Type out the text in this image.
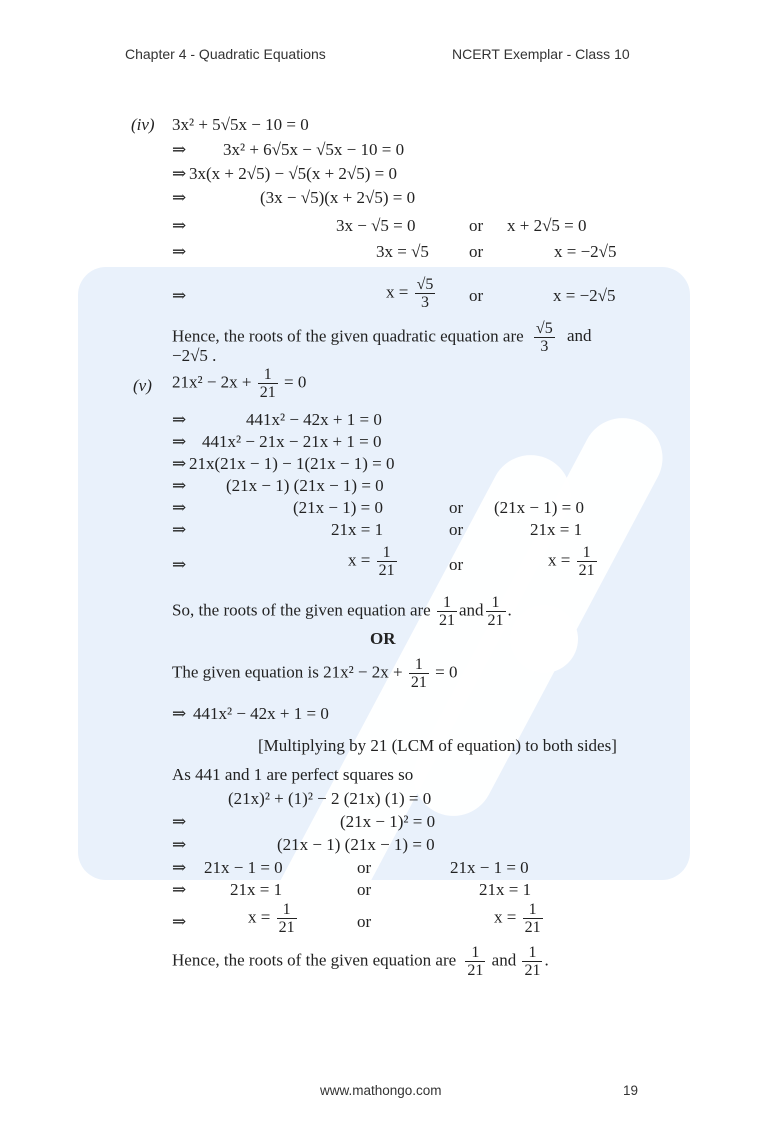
Chapter 4 - Quadratic Equations	NCERT Exemplar - Class 10
(iv) 3x² + 5√5x − 10 = 0
⇒ 3x² + 6√5x − √5x − 10 = 0
⇒ 3x(x + 2√5) − √5(x + 2√5) = 0
⇒	(3x − √5)(x + 2√5) = 0
⇒	3x − √5 = 0	or x + 2√5 = 0
⇒	3x = √5 or	x = −2√5
⇒	$x = \frac{√5}{3}$ or	x = −2√5
Hence, the roots of the given quadratic equation are $\frac{√5}{3}$ and
−2√5 .
(v) $21x^2 - 2x + \frac{1}{21} = 0$
⇒	441x² − 42x + 1 = 0
⇒ 441x² − 21x − 21x + 1 = 0
⇒ 21x(21x − 1) − 1(21x − 1) = 0
⇒ (21x − 1) (21x − 1) = 0
⇒	(21x − 1) = 0	or (21x − 1) = 0
⇒	21x = 1	or	21x = 1
⇒	$x = \frac{1}{21}$	or	$x = \frac{1}{21}$
So, the roots of the given equation are $\frac{1}{21}$ and $\frac{1}{21}$ .
OR
The given equation is $21x^2 - 2x + \frac{1}{21} = 0$
⇒ 441x² − 42x + 1 = 0
[Multiplying by 21 (LCM of equation) to both sides]
As 441 and 1 are perfect squares so
(21x)² + (1)² − 2 (21x) (1) = 0
⇒	(21x − 1)² = 0
⇒	(21x − 1) (21x − 1) = 0
⇒ 21x − 1 = 0	or	21x − 1 = 0
⇒	21x = 1	or	21x = 1
⇒	$x = \frac{1}{21}$	or	$x = \frac{1}{21}$
Hence, the roots of the given equation are $\frac{1}{21}$ and $\frac{1}{21}$ .
www.mathongo.com	19
